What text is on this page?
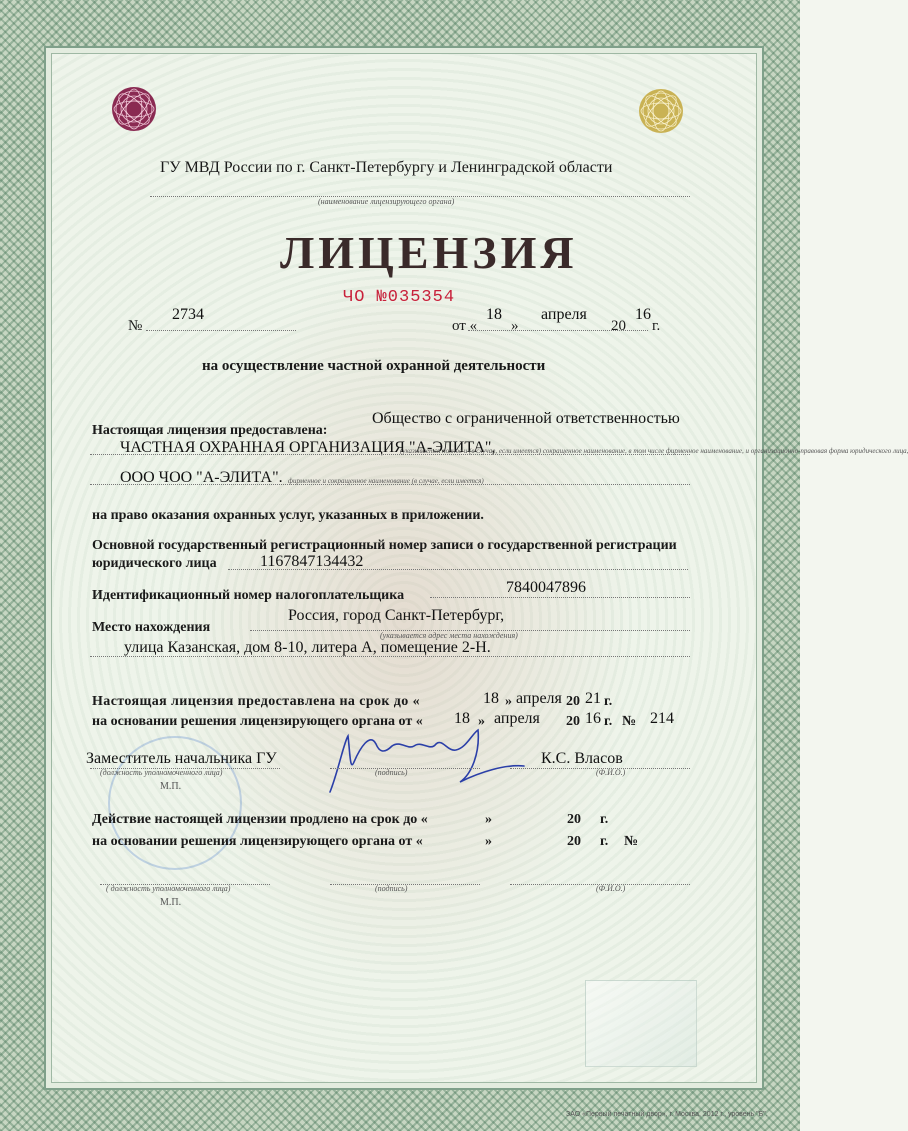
ГУ МВД России по г. Санкт-Петербургу и Ленинградской области
(наименование лицензирующего органа)
ЛИЦЕНЗИЯ
ЧО №035354
№
2734
от «
18
»
апреля
20
16
г.
на осуществление частной охранной деятельности
Настоящая лицензия предоставлена:
Общество с ограниченной ответственностью
ЧАСТНАЯ ОХРАННАЯ ОРГАНИЗАЦИЯ "А-ЭЛИТА",
(указывается полное и (в случае, если имеется) сокращенное наименование, в том числе фирменное наименование, и организационно-правовая форма юридического лица,
ООО ЧОО "А-ЭЛИТА". фирменное и сокращенное наименование (в случае, если имеется)
на право оказания охранных услуг, указанных в приложении.
Основной государственный регистрационный номер записи о государственной регистрации
юридического лица	1167847134432
Идентификационный номер налогоплательщика	7840047896
Место нахождения
Россия, город Санкт-Петербург,
(указывается адрес места нахождения)
улица Казанская, дом 8-10, литера А, помещение 2-Н.
Настоящая лицензия предоставлена на срок до «	18 » апреля 20 21 г.
на основании решения лицензирующего органа от « 18 » апреля 20 16 г. № 214
Заместитель начальника ГУ
(должность уполномоченного лица)	(подпись)
К.С. Власов
(Ф.И.О.)
М.П.
Действие настоящей лицензии продлено на срок до «	»	20 г.
на основании решения лицензирующего органа от «	»	20 г. №
( должность уполномоченного лица)	(подпись)	(Ф.И.О.)
М.П.
ЗАО «Первый печатный двор», г. Москва, 2012 г., уровень "Б".
